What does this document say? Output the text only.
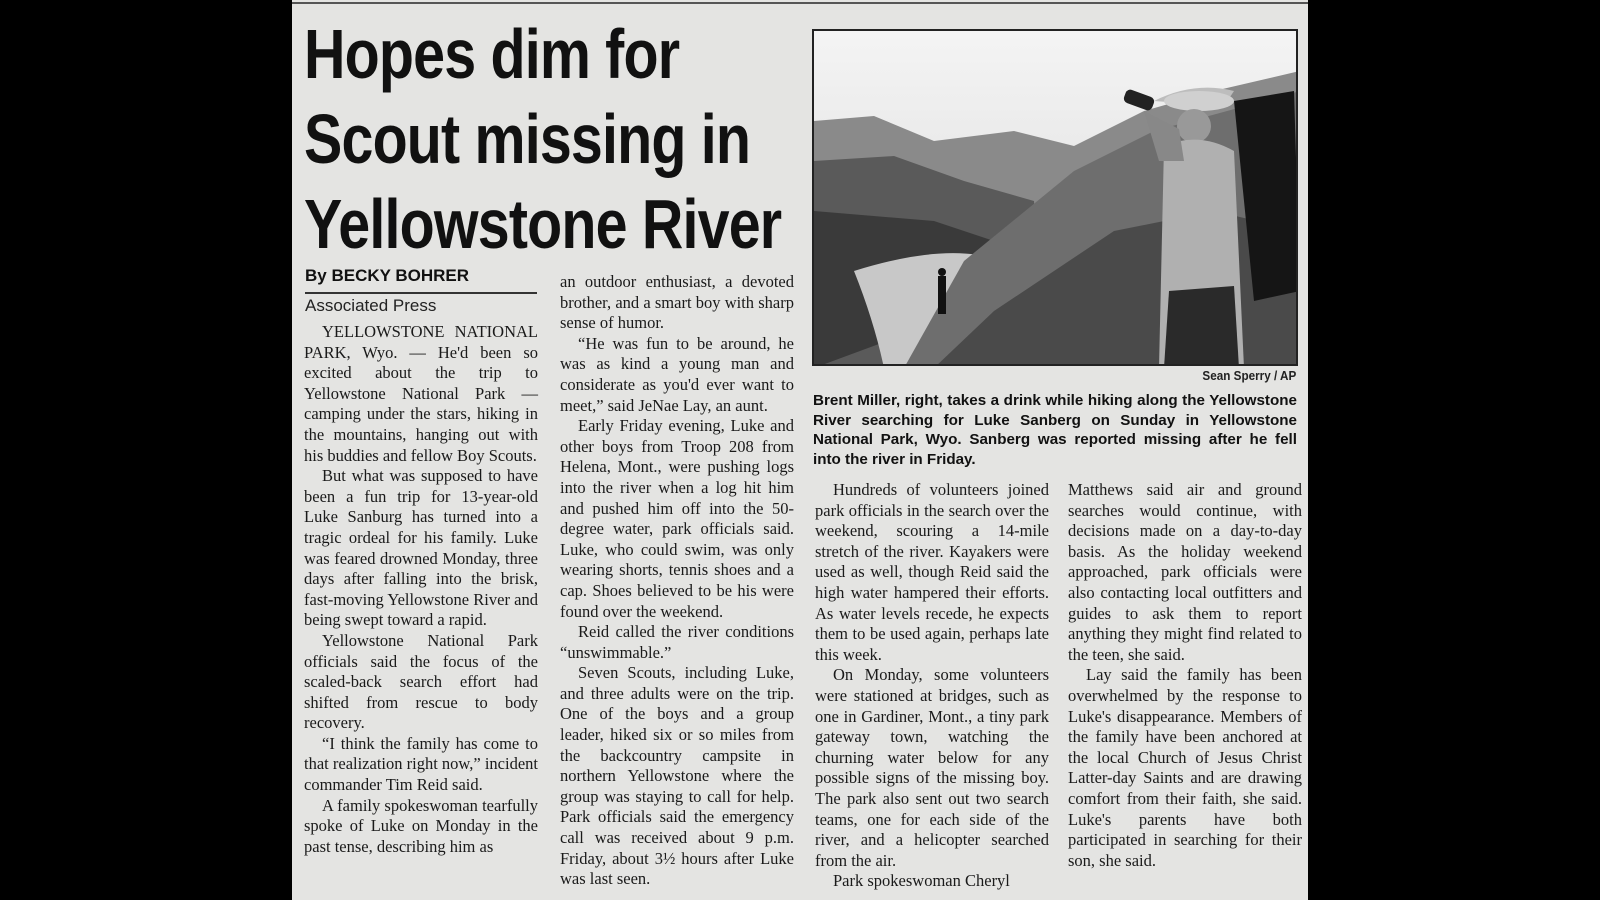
Hopes dim for
Scout missing in
Yellowstone River
By BECKY BOHRER
Associated Press

YELLOWSTONE NATIONAL PARK, Wyo. — He'd been so excited about the trip to Yellowstone National Park — camping under the stars, hiking in the mountains, hanging out with his buddies and fellow Boy Scouts.

But what was supposed to have been a fun trip for 13-year-old Luke Sanburg has turned into a tragic ordeal for his family. Luke was feared drowned Monday, three days after falling into the brisk, fast-moving Yellowstone River and being swept toward a rapid.

Yellowstone National Park officials said the focus of the scaled-back search effort had shifted from rescue to body recovery.

“I think the family has come to that realization right now,” incident commander Tim Reid said.

A family spokeswoman tearfully spoke of Luke on Monday in the past tense, describing him as

an outdoor enthusiast, a devoted brother, and a smart boy with sharp sense of humor.

“He was fun to be around, he was as kind a young man and considerate as you'd ever want to meet,” said JeNae Lay, an aunt.

Early Friday evening, Luke and other boys from Troop 208 from Helena, Mont., were pushing logs into the river when a log hit him and pushed him off into the 50-degree water, park officials said. Luke, who could swim, was only wearing shorts, tennis shoes and a cap. Shoes believed to be his were found over the weekend.

Reid called the river conditions “unswimmable.”

Seven Scouts, including Luke, and three adults were on the trip. One of the boys and a group leader, hiked six or so miles from the backcountry campsite in northern Yellowstone where the group was staying to call for help. Park officials said the emergency call was received about 9 p.m. Friday, about 3½ hours after Luke was last seen.

Sean Sperry / AP
Brent Miller, right, takes a drink while hiking along the Yellowstone River searching for Luke Sanberg on Sunday in Yellowstone National Park, Wyo. Sanberg was reported missing after he fell into the river in Friday.

Hundreds of volunteers joined park officials in the search over the weekend, scouring a 14-mile stretch of the river. Kayakers were used as well, though Reid said the high water hampered their efforts. As water levels recede, he expects them to be used again, perhaps late this week.

On Monday, some volunteers were stationed at bridges, such as one in Gardiner, Mont., a tiny park gateway town, watching the churning water below for any possible signs of the missing boy. The park also sent out two search teams, one for each side of the river, and a helicopter searched from the air.

Park spokeswoman Cheryl

Matthews said air and ground searches would continue, with decisions made on a day-to-day basis. As the holiday weekend approached, park officials were also contacting local outfitters and guides to ask them to report anything they might find related to the teen, she said.

Lay said the family has been overwhelmed by the response to Luke's disappearance. Members of the family have been anchored at the local Church of Jesus Christ Latter-day Saints and are drawing comfort from their faith, she said. Luke's parents have both participated in searching for their son, she said.
